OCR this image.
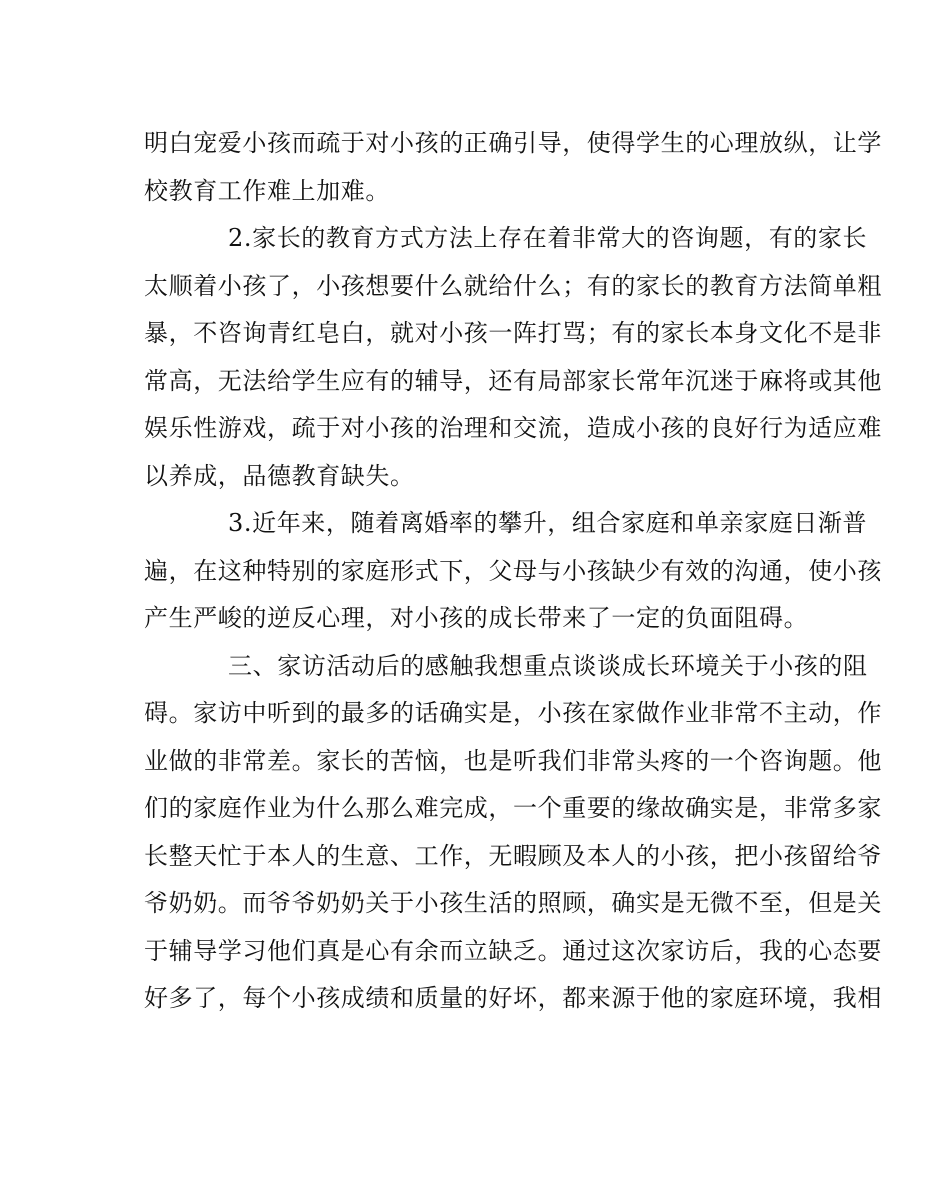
明白宠爱小孩而疏于对小孩的正确引导，使得学生的心理放纵，让学
校教育工作难上加难。
2.家长的教育方式方法上存在着非常大的咨询题，有的家长
太顺着小孩了，小孩想要什么就给什么；有的家长的教育方法简单粗
暴，不咨询青红皂白，就对小孩一阵打骂；有的家长本身文化不是非
常高，无法给学生应有的辅导，还有局部家长常年沉迷于麻将或其他
娱乐性游戏，疏于对小孩的治理和交流，造成小孩的良好行为适应难
以养成，品德教育缺失。
3.近年来，随着离婚率的攀升，组合家庭和单亲家庭日渐普
遍，在这种特别的家庭形式下，父母与小孩缺少有效的沟通，使小孩
产生严峻的逆反心理，对小孩的成长带来了一定的负面阻碍。
三、家访活动后的感触我想重点谈谈成长环境关于小孩的阻
碍。家访中听到的最多的话确实是，小孩在家做作业非常不主动，作
业做的非常差。家长的苦恼，也是听我们非常头疼的一个咨询题。他
们的家庭作业为什么那么难完成，一个重要的缘故确实是，非常多家
长整天忙于本人的生意、工作，无暇顾及本人的小孩，把小孩留给爷
爷奶奶。而爷爷奶奶关于小孩生活的照顾，确实是无微不至，但是关
于辅导学习他们真是心有余而立缺乏。通过这次家访后，我的心态要
好多了，每个小孩成绩和质量的好坏，都来源于他的家庭环境，我相
